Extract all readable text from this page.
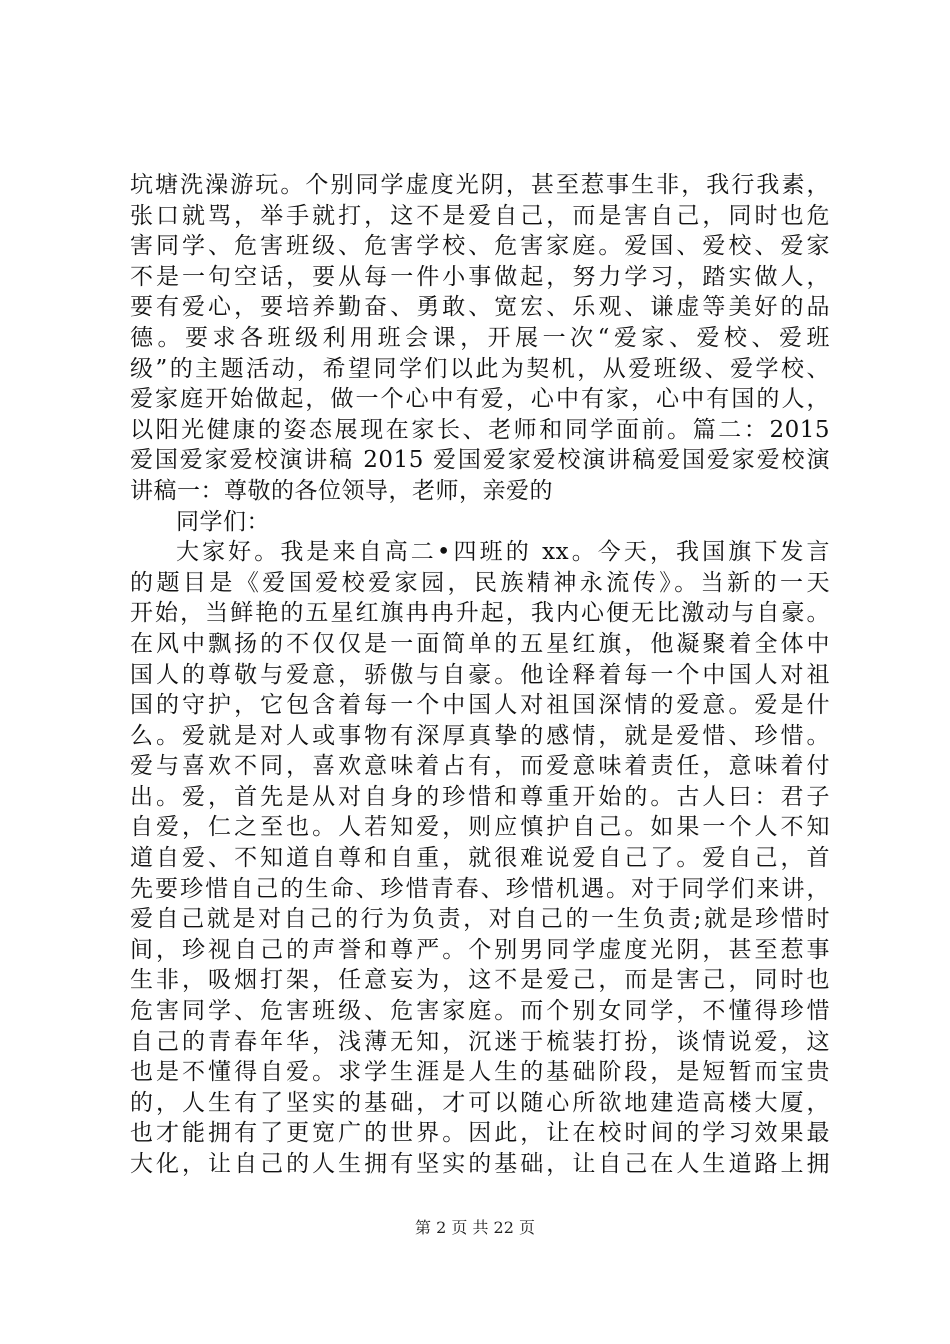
坑塘洗澡游玩。个别同学虚度光阴，甚至惹事生非，我行我素，
张口就骂，举手就打，这不是爱自己，而是害自己，同时也危
害同学、危害班级、危害学校、危害家庭。爱国、爱校、爱家
不是一句空话，要从每一件小事做起，努力学习，踏实做人，
要有爱心，要培养勤奋、勇敢、宽宏、乐观、谦虚等美好的品
德。要求各班级利用班会课，开展一次“爱家、爱校、爱班
级”的主题活动，希望同学们以此为契机，从爱班级、爱学校、
爱家庭开始做起，做一个心中有爱，心中有家，心中有国的人，
以阳光健康的姿态展现在家长、老师和同学面前。篇二：2015
爱国爱家爱校演讲稿 2015 爱国爱家爱校演讲稿爱国爱家爱校演
讲稿一：尊敬的各位领导，老师，亲爱的
同学们：
大家好。我是来自高二•四班的 xx。今天，我国旗下发言
的题目是《爱国爱校爱家园，民族精神永流传》。当新的一天
开始，当鲜艳的五星红旗冉冉升起，我内心便无比激动与自豪。
在风中飘扬的不仅仅是一面简单的五星红旗，他凝聚着全体中
国人的尊敬与爱意，骄傲与自豪。他诠释着每一个中国人对祖
国的守护，它包含着每一个中国人对祖国深情的爱意。爱是什
么。爱就是对人或事物有深厚真挚的感情，就是爱惜、珍惜。
爱与喜欢不同，喜欢意味着占有，而爱意味着责任，意味着付
出。爱，首先是从对自身的珍惜和尊重开始的。古人曰：君子
自爱，仁之至也。人若知爱，则应慎护自己。如果一个人不知
道自爱、不知道自尊和自重，就很难说爱自己了。爱自己，首
先要珍惜自己的生命、珍惜青春、珍惜机遇。对于同学们来讲，
爱自己就是对自己的行为负责，对自己的一生负责;就是珍惜时
间，珍视自己的声誉和尊严。个别男同学虚度光阴，甚至惹事
生非，吸烟打架，任意妄为，这不是爱己，而是害己，同时也
危害同学、危害班级、危害家庭。而个别女同学，不懂得珍惜
自己的青春年华，浅薄无知，沉迷于梳装打扮，谈情说爱，这
也是不懂得自爱。求学生涯是人生的基础阶段，是短暂而宝贵
的，人生有了坚实的基础，才可以随心所欲地建造高楼大厦，
也才能拥有了更宽广的世界。因此，让在校时间的学习效果最
大化，让自己的人生拥有坚实的基础，让自己在人生道路上拥
第 2 页 共 22 页
